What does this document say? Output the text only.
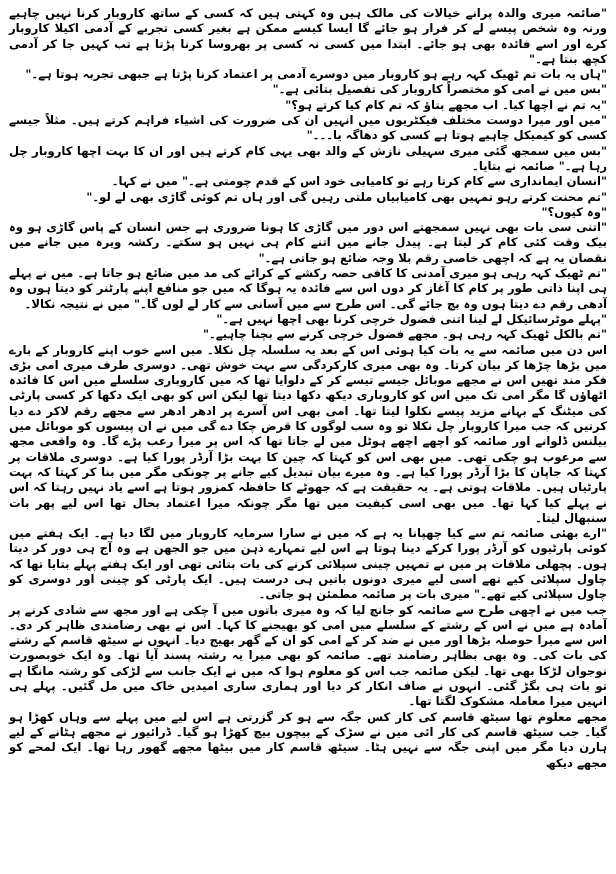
"صائمہ میری والدہ پرانے خیالات کی مالک ہیں وہ کہتی ہیں کہ کسی کے ساتھ کاروبار کرنا نہیں چاہیے ورنہ وہ شخص پیسے لے کر فرار ہو جائے گا ایسا کیسے ممکن ہے بغیر کسی تجربے کے آدمی اکیلا کاروبار کرے اور اسے فائدہ بھی ہو جائے۔ ابتدا میں کسی نہ کسی پر بھروسا کرنا پڑتا ہے تب کہیں جا کر آدمی کچھ بنتا ہے۔"

"ہاں یہ بات تم ٹھیک کہہ رہے ہو کاروبار میں دوسرے آدمی پر اعتماد کرنا پڑتا ہے جبھی تجربہ ہوتا ہے۔"

"بس میں نے امی کو مختصراً کاروبار کی تفصیل بتائی ہے۔"

"یہ تم نے اچھا کیا۔ اب مجھے بتاؤ کہ تم کام کیا کرتے ہو؟"

"میں اور میرا دوست مختلف فیکٹریوں میں انہیں ان کی ضرورت کی اشیاء فراہم کرتے ہیں۔ مثلاً جیسے کسی کو کیمیکل چاہیے ہوتا ہے کسی کو دھاگہ یا۔۔۔"

"بس میں سمجھ گئی میری سہیلی نازش کے والد بھی یہی کام کرتے ہیں اور ان کا بہت اچھا کاروبار چل رہا ہے۔" صائمہ نے بتایا۔

"انسان ایمانداری سے کام کرتا رہے تو کامیابی خود اس کے قدم چومتی ہے۔" میں نے کہا۔

"تم محنت کرتے رہو تمہیں بھی کامیابیاں ملتی رہیں گی اور ہاں تم کوئی گاڑی بھی لے لو۔"

"وہ کیوں؟"

"اتنی سی بات بھی نہیں سمجھتے اس دور میں گاڑی کا ہونا ضروری ہے جس انسان کے پاس گاڑی ہو وہ بیک وقت کئی کام کر لیتا ہے۔ پیدل جانے میں اتنے کام ہی نہیں ہو سکتے۔ رکشہ ویرہ میں جانے میں نقصان یہ ہے کہ اچھی خاصی رقم بلا وجہ ضائع ہو جاتی ہے۔"

"تم ٹھیک کہہ رہی ہو میری آمدنی کا کافی حصہ رکشے کے کرائے کی مد میں ضائع ہو جاتا ہے۔ میں نے پہلے ہی اپنا ذاتی طور پر کام کا آغاز کر دوں اس سے فائدہ یہ ہوگا کہ میں جو منافع اپنے پارٹنر کو دیتا ہوں وہ آدھی رقم دے دیتا ہوں وہ بچ جائے گی۔ اس طرح سے میں آسانی سے کار لے لوں گا۔" میں نے نتیجہ نکالا۔

"پہلے موٹرسائیکل لے لینا اتنی فضول خرچی کرنا بھی اچھا نہیں ہے۔"

"تم بالکل ٹھیک کہہ رہی ہو۔ مجھے فضول خرچی کرنے سے بچنا چاہیے۔"

اس دن میں صائمہ سے یہ بات کیا ہوئی اس کے بعد یہ سلسلہ چل نکلا۔ میں اسے خوب اپنے کاروبار کے بارے میں بڑھا چڑھا کر بیان کرتا۔ وہ بھی میری کارکردگی سے بہت خوش تھی۔ دوسری طرف میری امی بڑی فکر مند تھیں اس نے مجھے موبائل جیسے تیسے کر کے دلوایا تھا کہ میں کاروباری سلسلے میں اس کا فائدہ اٹھاؤں گا مگر امی تک میں اس کو کاروباری دیکھ دکھا دیتا تھا لیکن اس کو بھی ایک دکھا کر کسی پارٹی کی میٹنگ کے بہانے مزید پیسے نکلوا لیتا تھا۔ امی بھی اس آسرے پر ادھر ادھر سے مجھے رقم لاکر دے دیا کرتیں کہ جب میرا کاروبار چل نکلا تو وہ سب لوگوں کا قرض چکا دے گی میں نے ان پیسوں کو موبائل میں بیلنس ڈلوانے اور صائمہ کو اچھے اچھے ہوٹل میں لے جاتا تھا کہ اس پر میرا رعب پڑے گا۔ وہ واقعی مجھ سے مرعوب ہو چکی تھی۔ میں بھی اس کو کہتا کہ چین کا بہت بڑا آرڈر پورا کیا ہے۔ دوسری ملاقات پر کہتا کہ جاپان کا بڑا آرڈر پورا کیا ہے۔ وہ میرے بیان تبدیل کیے جانے پر چونکی مگر میں بنا کر کہتا کہ بہت پارٹیاں ہیں۔ ملاقات ہوتی ہے۔ یہ حقیقت ہے کہ جھوٹے کا حافظہ کمزور ہوتا ہے اسے یاد نہیں رہتا کہ اس نے پہلے کیا کہا تھا۔ میں بھی اسی کیفیت میں تھا مگر چونکہ میرا اعتماد بحال تھا اس لیے پھر بات سنبھال لیتا۔

"ارے بھئی صائمہ تم سے کیا چھپانا یہ ہے کہ میں نے سارا سرمایہ کاروبار میں لگا دیا ہے۔ ایک ہفتے میں کوئی پارٹیوں کو آرڈر پورا کرکے دینا ہوتا ہے اس لیے تمہارے ذہن میں جو الجھن ہے وہ آج ہی دور کر دیتا ہوں۔ پچھلی ملاقات پر میں نے تمہیں چینی سپلائی کرنے کی بات بتائی تھی اور ایک ہفتے پہلے بتایا تھا کہ چاول سپلائی کیے تھے اسی لیے میری دونوں باتیں ہی درست ہیں۔ ایک پارٹی کو چینی اور دوسری کو چاول سپلائی کیے تھے۔" میری بات پر صائمہ مطمئن ہو جاتی۔

جب میں نے اچھی طرح سے صائمہ کو جانچ لیا کہ وہ میری باتوں میں آ چکی ہے اور مجھ سے شادی کرنے پر آمادہ ہے میں نے اس کے رشتے کے سلسلے میں امی کو بھیجنے کا کہا۔ اس نے بھی رضامندی ظاہر کر دی۔ اس سے میرا حوصلہ بڑھا اور میں نے ضد کر کے امی کو ان کے گھر بھیج دیا۔ انہوں نے سیٹھ قاسم کے رشتے کی بات کی۔ وہ بھی بظاہر رضامند تھے۔ صائمہ کو بھی میرا یہ رشتہ پسند آیا تھا۔ وہ ایک خوبصورت نوجوان لڑکا بھی تھا۔ لیکن صائمہ جب اس کو معلوم ہوا کہ میں نے ایک جانب سے لڑکی کو رشتہ مانگا ہے تو بات ہی بگڑ گئی۔ انہوں نے صاف انکار کر دیا اور ہماری ساری امیدیں خاک میں مل گئیں۔ پہلے ہی انہیں میرا معاملہ مشکوک لگتا تھا۔

مجھے معلوم تھا سیٹھ قاسم کی کار کس جگہ سے ہو کر گزرتی ہے اس لیے میں پہلے سے وہاں کھڑا ہو گیا۔ جب سیٹھ قاسم کی کار ائی میں نے سڑک کے بیچوں بیچ کھڑا ہو گیا۔ ڈرائیور نے مجھے ہٹانے کے لیے ہارن دیا مگر میں اپنی جگہ سے نہیں ہٹا۔ سیٹھ قاسم کار میں بیٹھا مجھے گھور رہا تھا۔ ایک لمحے کو مجھے دیکھ
